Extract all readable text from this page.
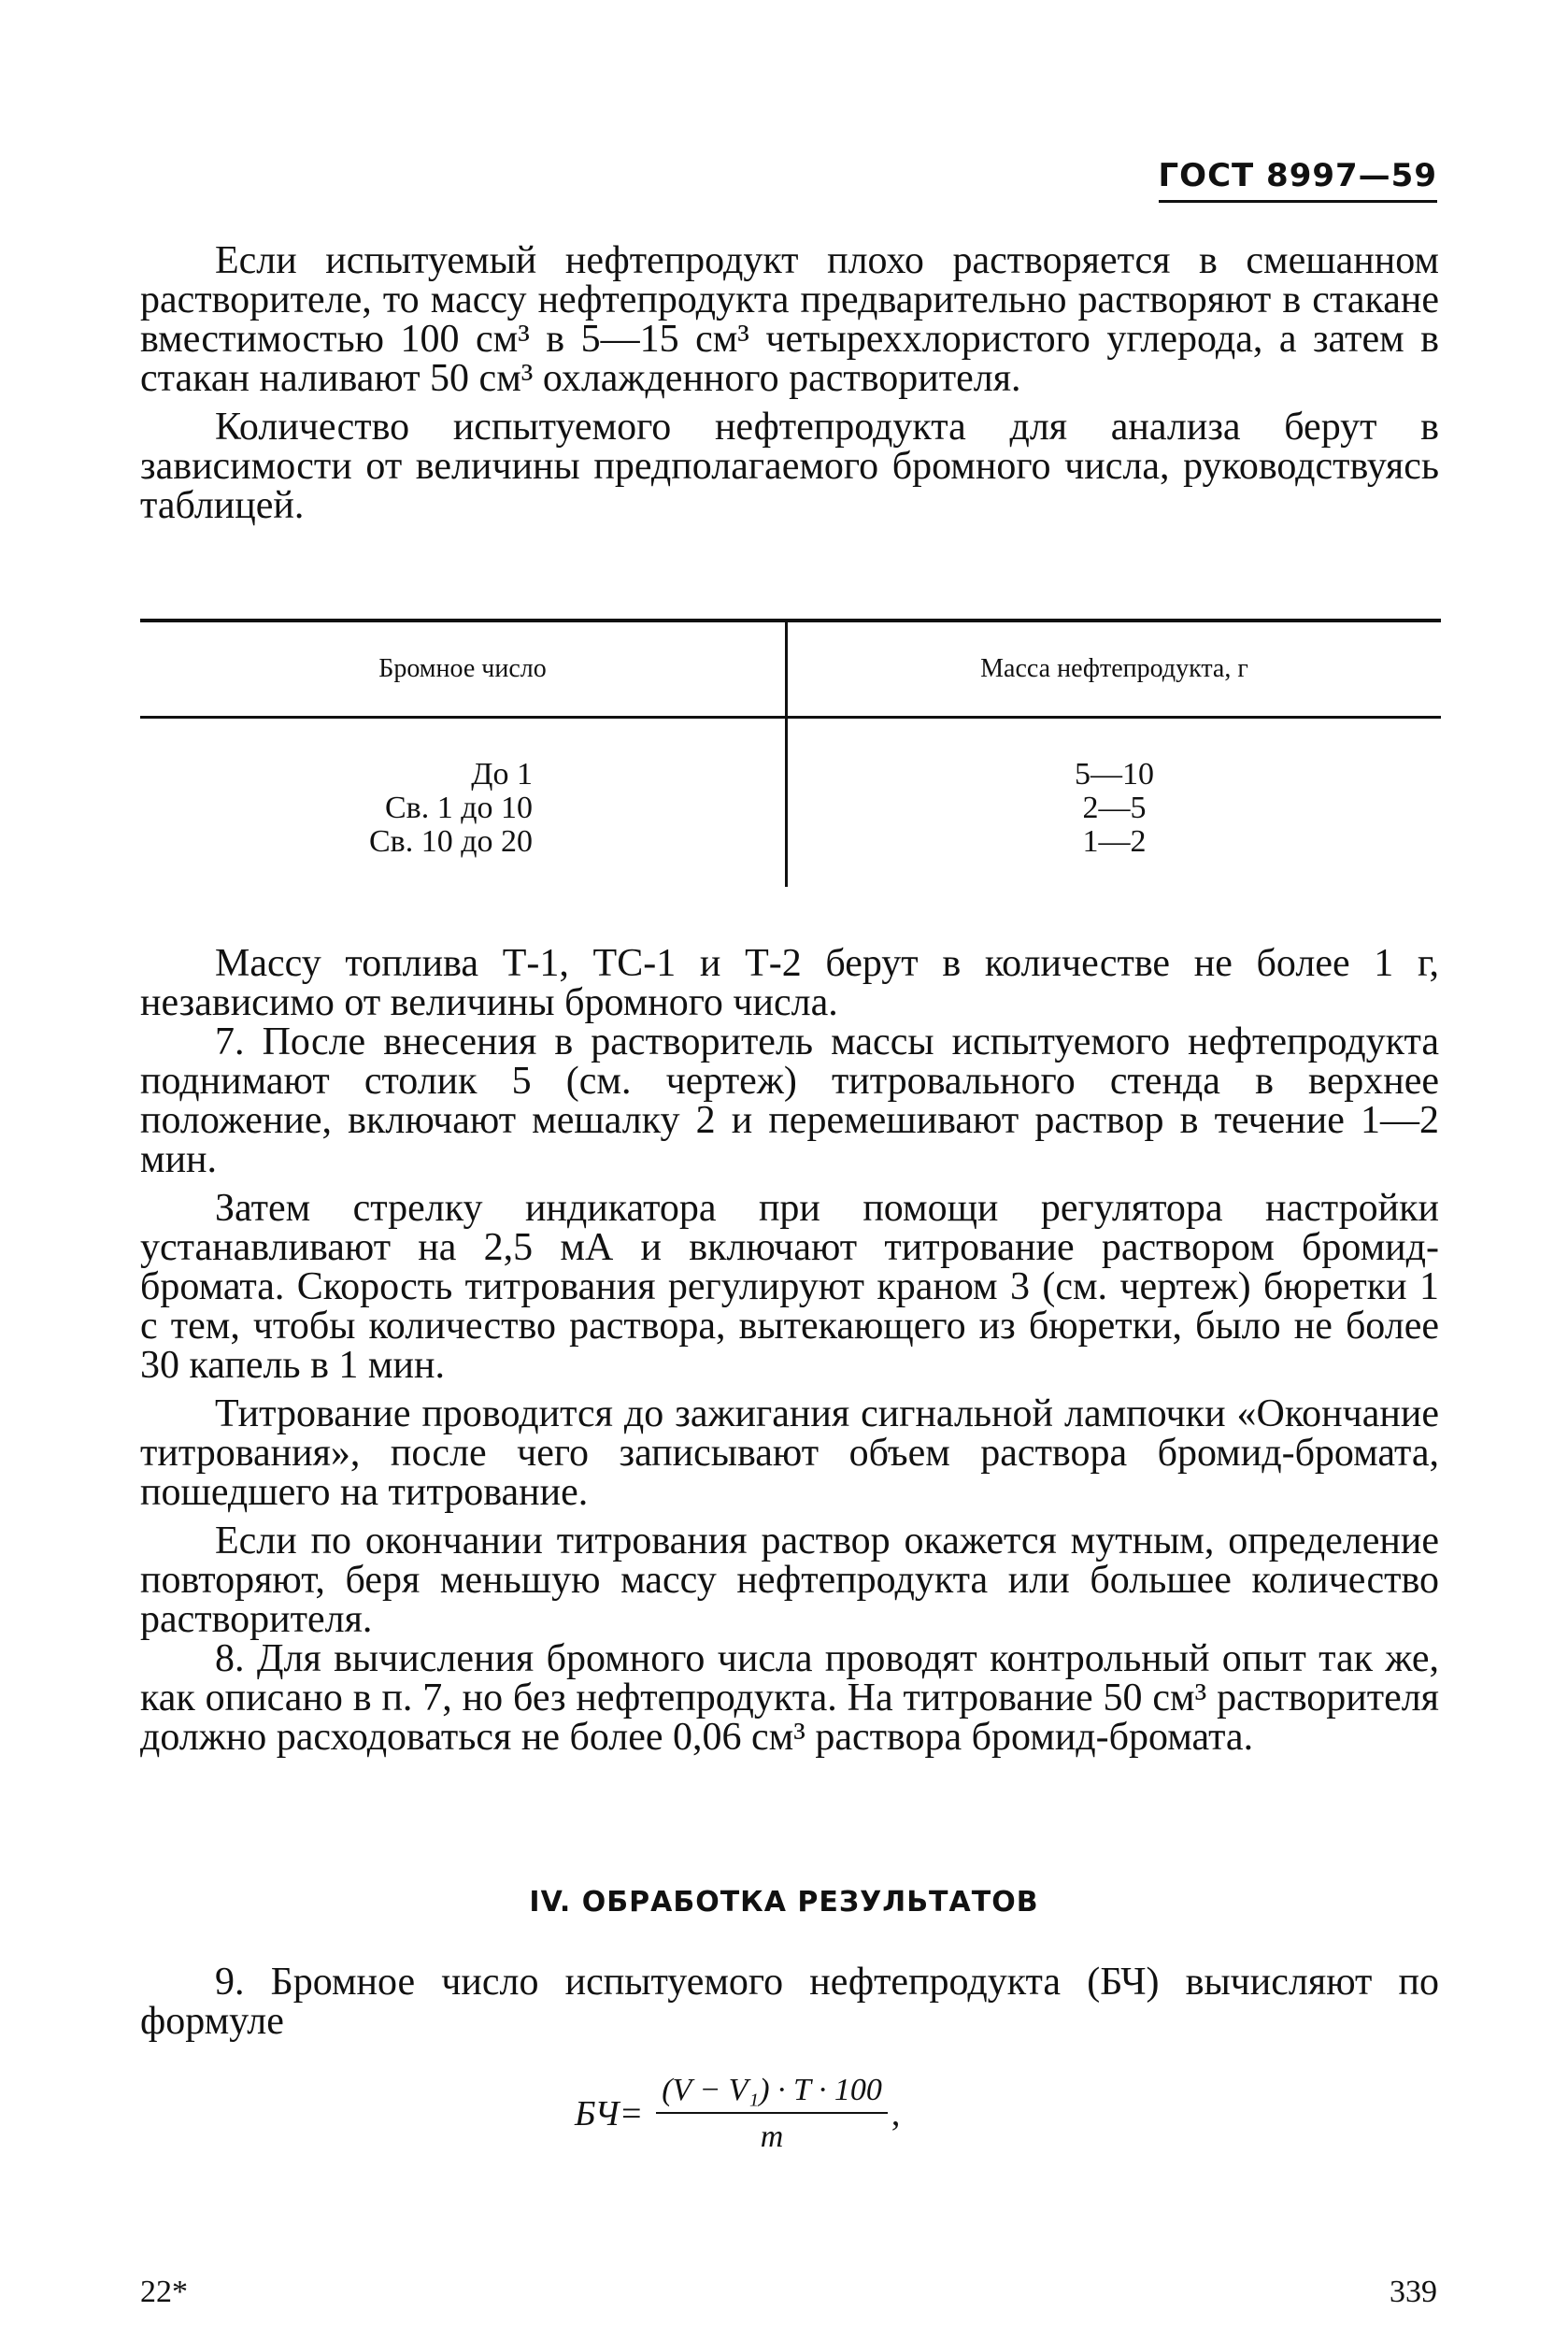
ГОСТ 8997—59

Если испытуемый нефтепродукт плохо растворяется в смешанном растворителе, то массу нефтепродукта предварительно растворяют в стакане вместимостью 100 см³ в 5—15 см³ четыреххлористого углерода, а затем в стакан наливают 50 см³ охлажденного растворителя.

Количество испытуемого нефтепродукта для анализа берут в зависимости от величины предполагаемого бромного числа, руководствуясь таблицей.

Бромное число	Масса нефтепродукта, г
До 1
Св. 1 до 10
Св. 10 до 20
5—10
2—5
1—2

Массу топлива Т-1, ТС-1 и Т-2 берут в количестве не более 1 г, независимо от величины бромного числа.

7. После внесения в растворитель массы испытуемого нефтепродукта поднимают столик 5 (см. чертеж) титровального стенда в верхнее положение, включают мешалку 2 и перемешивают раствор в течение 1—2 мин.

Затем стрелку индикатора при помощи регулятора настройки устанавливают на 2,5 мА и включают титрование раствором бромид-бромата. Скорость титрования регулируют краном 3 (см. чертеж) бюретки 1 с тем, чтобы количество раствора, вытекающего из бюретки, было не более 30 капель в 1 мин.

Титрование проводится до зажигания сигнальной лампочки «Окончание титрования», после чего записывают объем раствора бромид-бромата, пошедшего на титрование.

Если по окончании титрования раствор окажется мутным, определение повторяют, беря меньшую массу нефтепродукта или большее количество растворителя.

8. Для вычисления бромного числа проводят контрольный опыт так же, как описано в п. 7, но без нефтепродукта. На титрование 50 см³ растворителя должно расходоваться не более 0,06 см³ раствора бромид-бромата.

IV. ОБРАБОТКА РЕЗУЛЬТАТОВ

9. Бромное число испытуемого нефтепродукта (БЧ) вычисляют по формуле

$БЧ= \frac{\text{(V − V₁) · T · 100}}{m}$ ,
22*	339
